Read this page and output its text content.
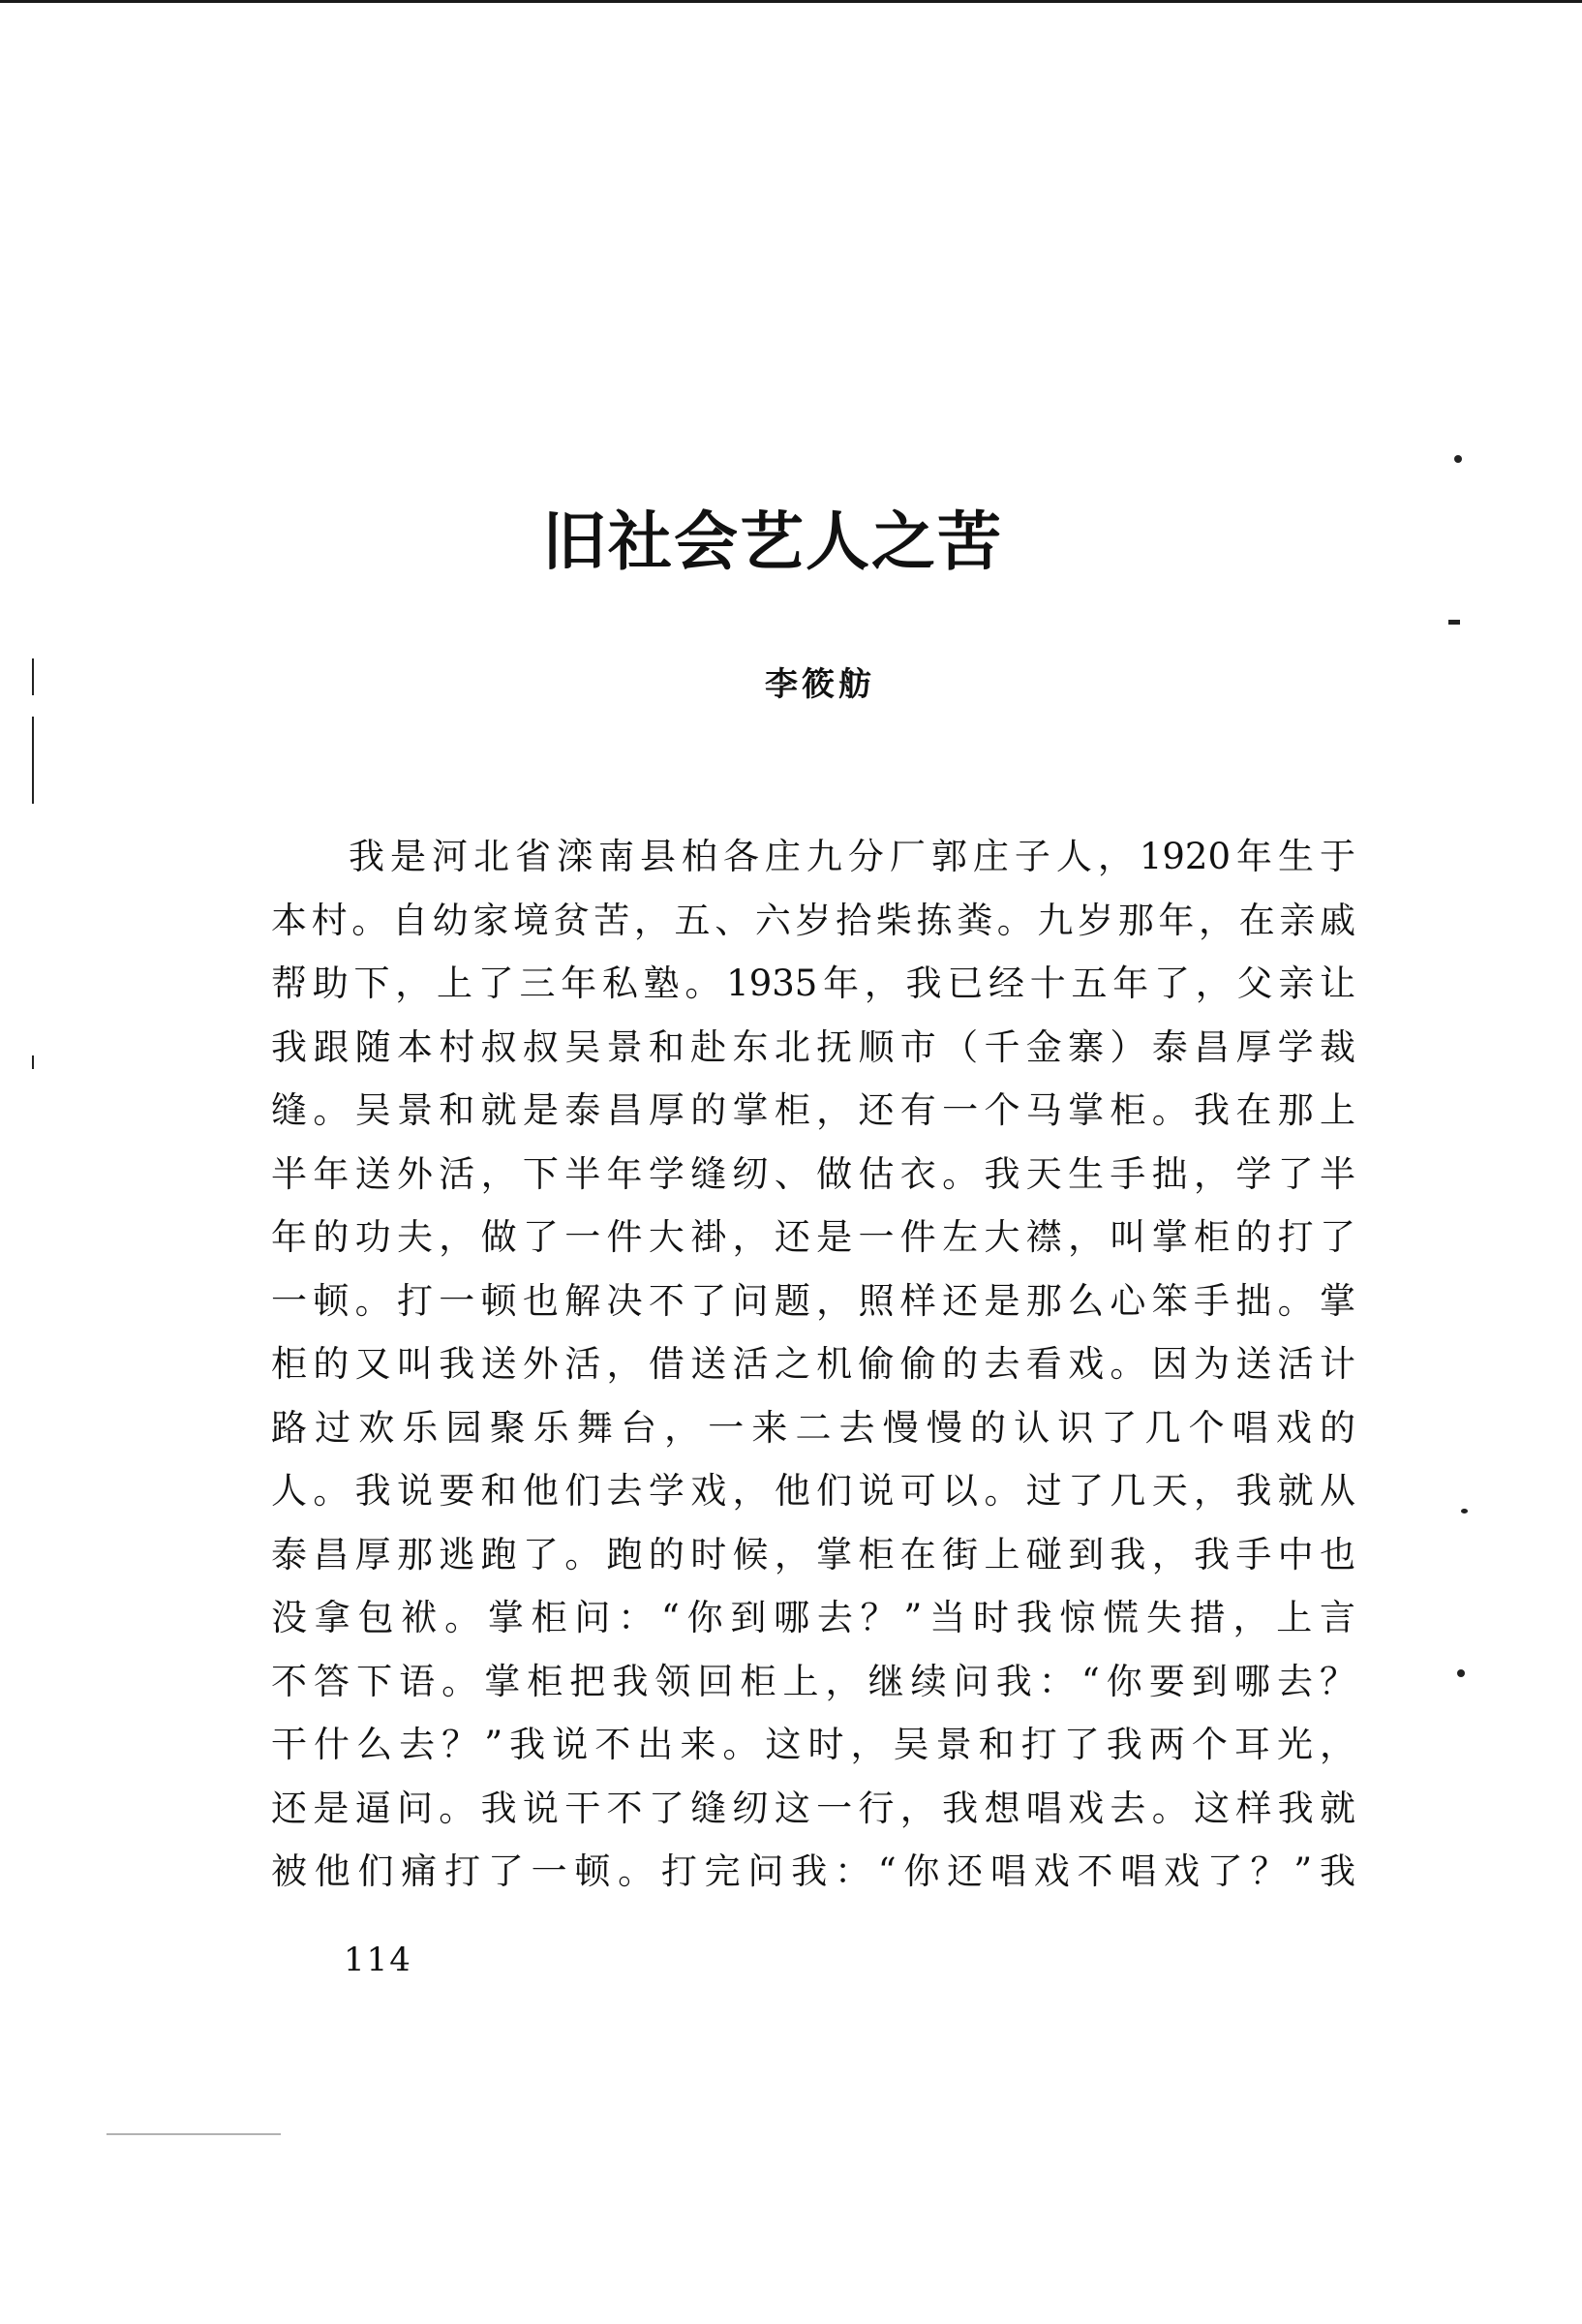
旧社会艺人之苦
李筱舫
我是河北省滦南县柏各庄九分厂郭庄子人，1920年生于
本村。自幼家境贫苦，五、六岁拾柴拣粪。九岁那年，在亲戚
帮助下，上了三年私塾。1935年，我已经十五年了，父亲让
我跟随本村叔叔吴景和赴东北抚顺市（千金寨）泰昌厚学裁
缝。吴景和就是泰昌厚的掌柜，还有一个马掌柜。我在那上
半年送外活，下半年学缝纫、做估衣。我天生手拙，学了半
年的功夫，做了一件大褂，还是一件左大襟，叫掌柜的打了
一顿。打一顿也解决不了问题，照样还是那么心笨手拙。掌
柜的又叫我送外活，借送活之机偷偷的去看戏。因为送活计
路过欢乐园聚乐舞台，一来二去慢慢的认识了几个唱戏的
人。我说要和他们去学戏，他们说可以。过了几天，我就从
泰昌厚那逃跑了。跑的时候，掌柜在街上碰到我，我手中也
没拿包袱。掌柜问：“你到哪去？”当时我惊慌失措，上言
不答下语。掌柜把我领回柜上，继续问我：“你要到哪去？
干什么去？”我说不出来。这时，吴景和打了我两个耳光，
还是逼问。我说干不了缝纫这一行，我想唱戏去。这样我就
被他们痛打了一顿。打完问我：“你还唱戏不唱戏了？”我
114
